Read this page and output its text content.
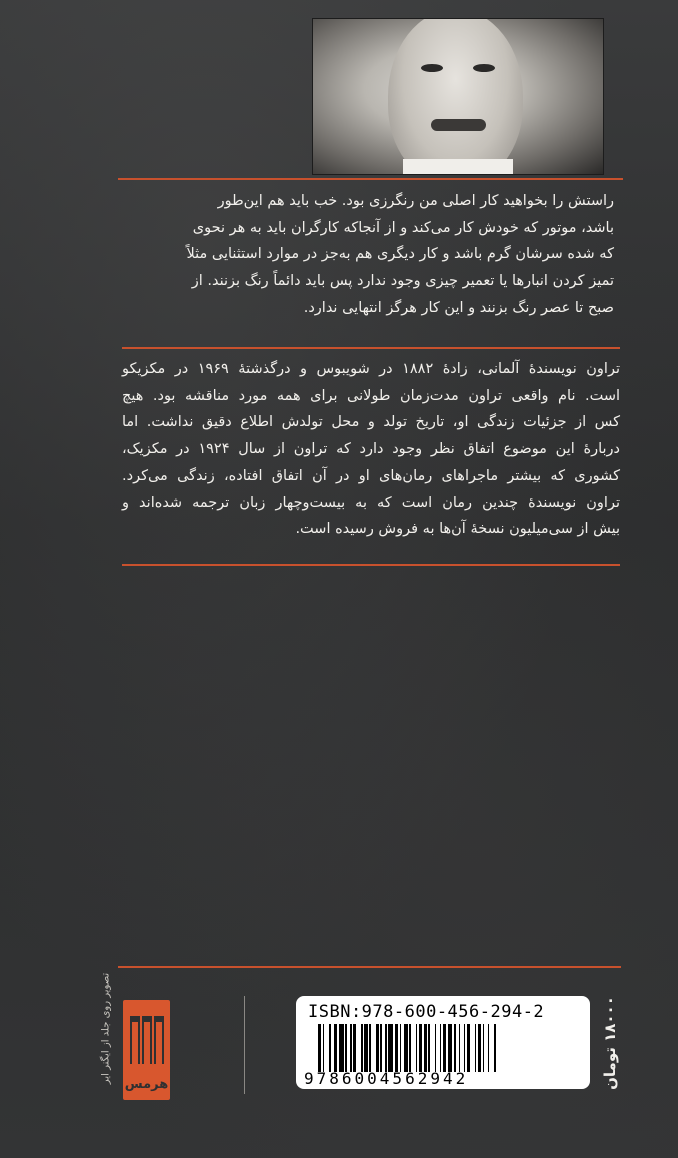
راستش را بخواهید کار اصلی من رنگرزی بود. خب باید هم این‌طور
باشد، موتور که خودش کار می‌کند و از آنجاکه کارگران باید به هر نحوی
که شده سرشان گرم باشد و کار دیگری هم به‌جز در موارد استثنایی مثلاً
تمیز کردن انبارها یا تعمیر چیزی وجود ندارد پس باید دائماً رنگ بزنند. از
صبح تا عصر رنگ بزنند و این کار هرگز انتهایی ندارد.
تراون نویسندهٔ آلمانی، زادهٔ ۱۸۸۲ در شویبوس و درگذشتهٔ ۱۹۶۹ در مکزیکو
است. نام واقعی تراون مدت‌زمان طولانی برای همه مورد مناقشه بود. هیچ
کس از جزئیات زندگی او، تاریخ تولد و محل تولدش اطلاع دقیق نداشت. اما
دربارهٔ این موضوع اتفاق نظر وجود دارد که تراون از سال ۱۹۲۴ در مکزیک،
کشوری که بیشتر ماجراهای رمان‌های او در آن اتفاق افتاده، زندگی می‌کرد.
تراون نویسندهٔ چندین رمان است که به بیست‌وچهار زبان ترجمه شده‌اند و
بیش از سی‌میلیون نسخهٔ آن‌ها به فروش رسیده است.
تصویر روی جلد از ایگنر ایر
هرمس
ISBN:978-600-456-294-2
9786004562942	۱۸۰۰۰ تومان
